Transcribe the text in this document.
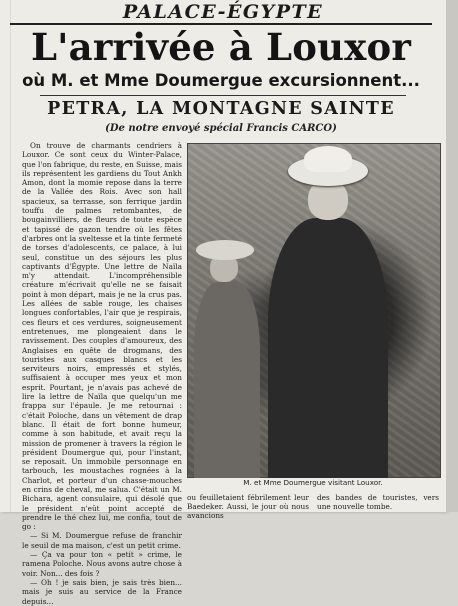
PALACE-ÉGYPTE
L'arrivée à Louxor
où M. et Mme Doumergue excursionnent...
PETRA, LA MONTAGNE SAINTE
(De notre envoyé spécial Francis CARCO)

On trouve de charmants cendriers à Louxor. Ce sont ceux du Winter-Palace, que l'on fabrique, du reste, en Suisse, mais ils représentent les gardiens du Tout Ankh Amon, dont la momie repose dans la terre de la Vallée des Rois. Avec son hall spacieux, sa terrasse, son ferrique jardin touffu de palmes retombantes, de bougainvilliers, de fleurs de toute espèce et tapissé de gazon tendre où les fêtes d'arbres ont la sveltesse et la tinte fermeté de torses d'adolescents, ce palace, à lui seul, constitue un des séjours les plus captivants d'Égypte. Une lettre de Naïla m'y attendait. L'incompréhensible créature m'écrivait qu'elle ne se faisait point à mon départ, mais je ne la crus pas. Les allées de sable rouge, les chaises longues confortables, l'air que je respirais, ces fleurs et ces verdures, soigneusement entretenues, me plongeaient dans le ravissement. Des couples d'amoureux, des Anglaises en quête de drogmans, des touristes aux casques blancs et les serviteurs noirs, empressés et stylés, suffisaient à occuper mes yeux et mon esprit. Pourtant, je n'avais pas achevé de lire la lettre de Naïla que quelqu'un me frappa sur l'épaule. Je me retournai : c'était Poloche, dans un vêtement de drap blanc. Il était de fort bonne humeur, comme à son habitude, et avait reçu la mission de promener à travers la région le président Doumergue qui, pour l'instant, se reposait. Un immobile personnage en tarbouch, les moustaches rognées à la Charlot, et porteur d'un chasse-mouches en crins de cheval, me salua. C'était un M. Bichara, agent consulaire, qui désolé que le président n'eût point accepté de prendre le thé chez lui, me confia, tout de go :

— Si M. Doumergue refuse de franchir le seuil de ma maison, c'est un petit crime.

— Ça va pour ton « petit » crime, le ramena Poloche. Nous avons autre chose à voir. Non... des fois ?

— Oh ! je sais bien, je sais très bien... mais je suis au service de la France depuis...

M. et Mme Doumergue visitant Louxor.
ou feuilletaient fébrilement leur Baedeker. Aussi, le jour où nous avancions
des bandes de touristes, vers une nouvelle tombe.
